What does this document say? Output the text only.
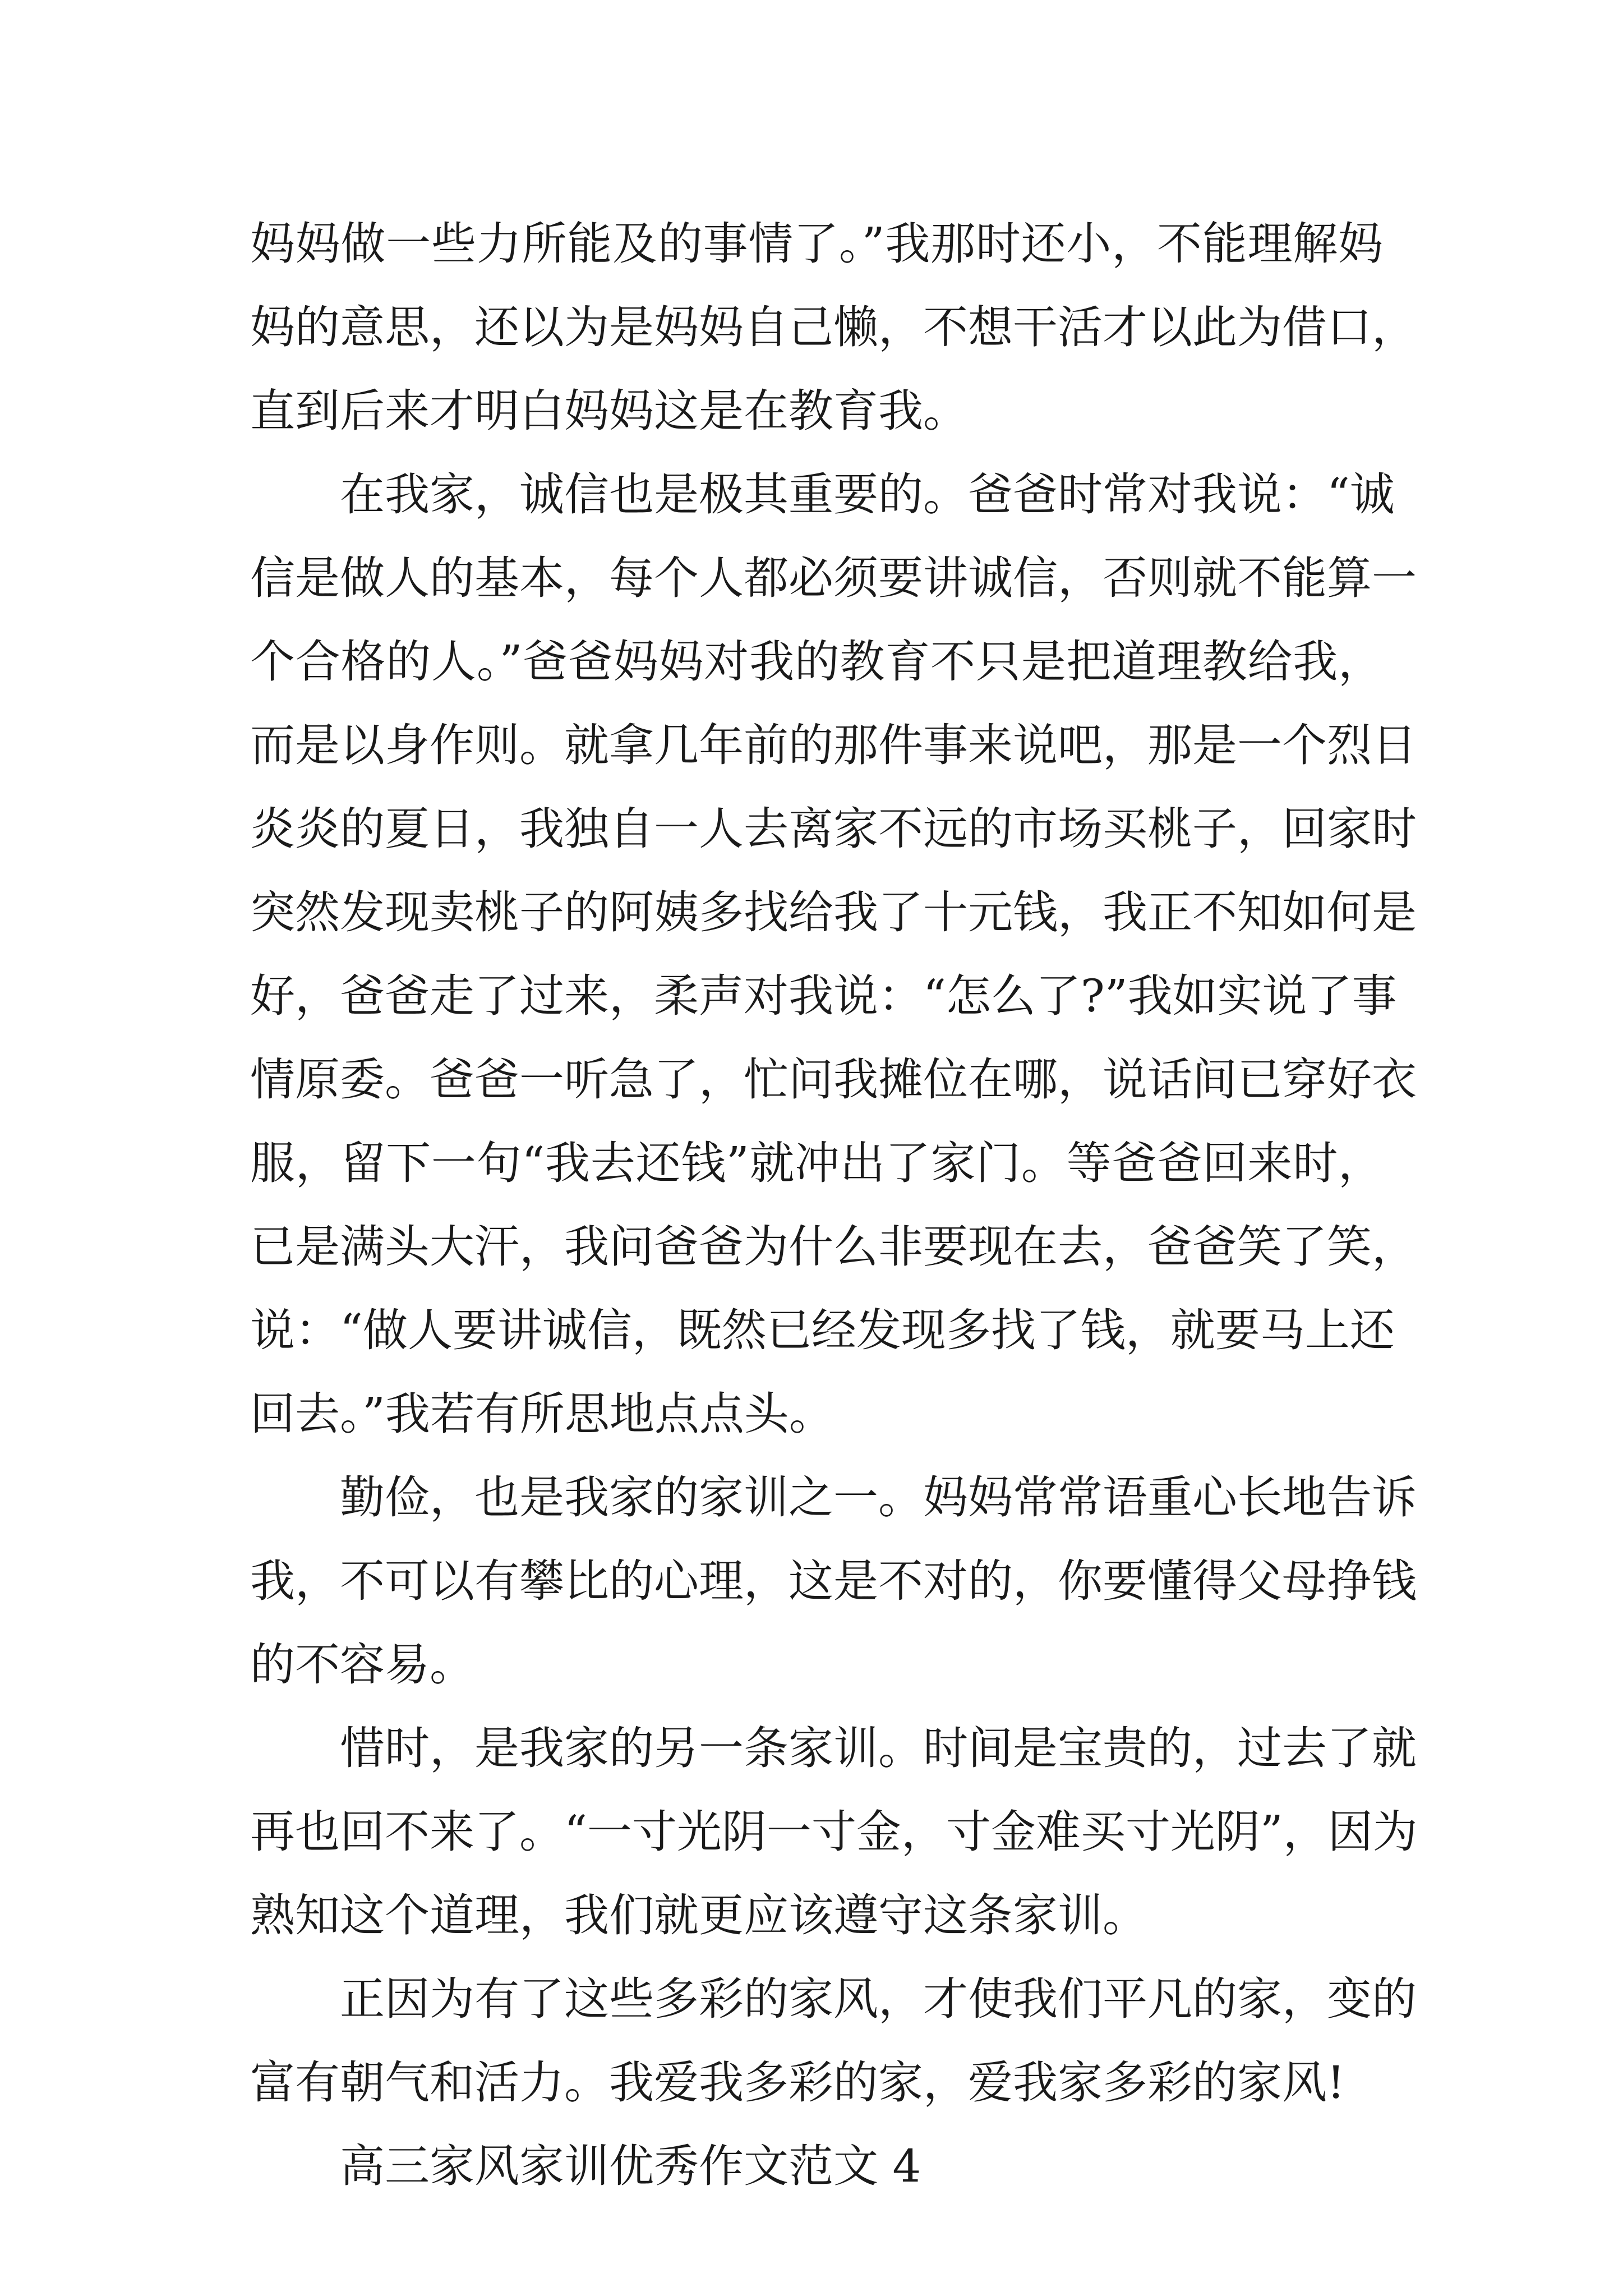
妈妈做一些力所能及的事情了。”我那时还小，不能理解妈
妈的意思，还以为是妈妈自己懒，不想干活才以此为借口，
直到后来才明白妈妈这是在教育我。
在我家，诚信也是极其重要的。爸爸时常对我说：“诚
信是做人的基本，每个人都必须要讲诚信，否则就不能算一
个合格的人。”爸爸妈妈对我的教育不只是把道理教给我，
而是以身作则。就拿几年前的那件事来说吧，那是一个烈日
炎炎的夏日，我独自一人去离家不远的市场买桃子，回家时
突然发现卖桃子的阿姨多找给我了十元钱，我正不知如何是
好，爸爸走了过来，柔声对我说：“怎么了?”我如实说了事
情原委。爸爸一听急了，忙问我摊位在哪，说话间已穿好衣
服，留下一句“我去还钱”就冲出了家门。等爸爸回来时，
已是满头大汗，我问爸爸为什么非要现在去，爸爸笑了笑，
说：“做人要讲诚信，既然已经发现多找了钱，就要马上还
回去。”我若有所思地点点头。
勤俭，也是我家的家训之一。妈妈常常语重心长地告诉
我，不可以有攀比的心理，这是不对的，你要懂得父母挣钱
的不容易。
惜时，是我家的另一条家训。时间是宝贵的，过去了就
再也回不来了。“一寸光阴一寸金，寸金难买寸光阴”，因为
熟知这个道理，我们就更应该遵守这条家训。
正因为有了这些多彩的家风，才使我们平凡的家，变的
富有朝气和活力。我爱我多彩的家，爱我家多彩的家风!
高三家风家训优秀作文范文 4
